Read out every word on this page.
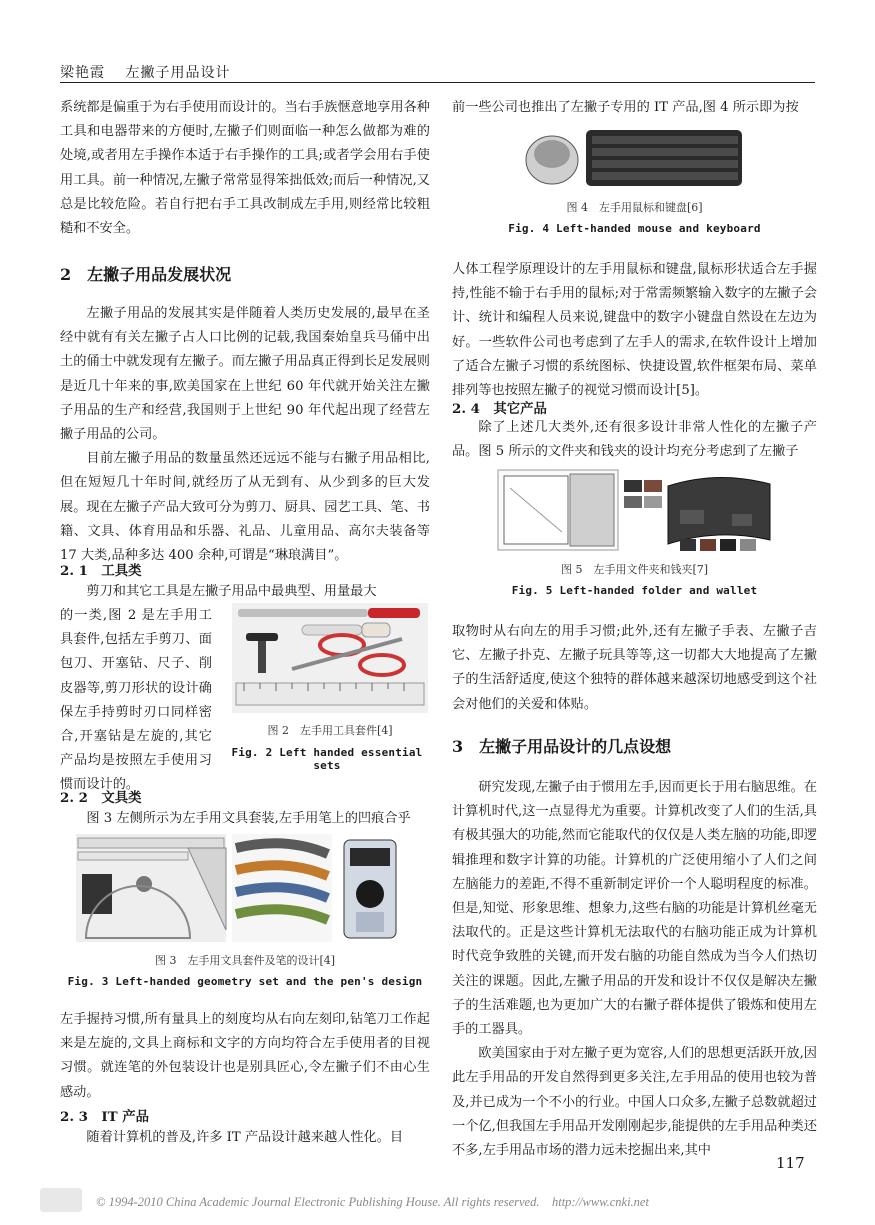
梁艳霞　 左撇子用品设计

系统都是偏重于为右手使用而设计的。当右手族惬意地享用各种工具和电器带来的方便时,左撇子们则面临一种怎么做都为难的处境,或者用左手操作本适于右手操作的工具;或者学会用右手使用工具。前一种情况,左撇子常常显得笨拙低效;而后一种情况,又总是比较危险。若自行把右手工具改制成左手用,则经常比较粗糙和不安全。

2　左撇子用品发展状况

左撇子用品的发展其实是伴随着人类历史发展的,最早在圣经中就有有关左撇子占人口比例的记载,我国秦始皇兵马俑中出土的俑士中就发现有左撇子。而左撇子用品真正得到长足发展则是近几十年来的事,欧美国家在上世纪 60 年代就开始关注左撇子用品的生产和经营,我国则于上世纪 90 年代起出现了经营左撇子用品的公司。

目前左撇子用品的数量虽然还远远不能与右撇子用品相比,但在短短几十年时间,就经历了从无到有、从少到多的巨大发展。现在左撇子产品大致可分为剪刀、厨具、园艺工具、笔、书籍、文具、体育用品和乐器、礼品、儿童用品、高尔夫装备等 17 大类,品种多达 400 余种,可谓是“琳琅满目”。

2. 1　工具类

剪刀和其它工具是左撇子用品中最典型、用量最大

的一类,图 2 是左手用工具套件,包括左手剪刀、面包刀、开塞钻、尺子、削皮器等,剪刀形状的设计确保左手持剪时刃口同样密合,开塞钻是左旋的,其它产品均是按照左手使用习惯而设计的。

图 2　左手用工具套件[4]
Fig. 2 Left handed essential sets
2. 2　文具类

图 3 左侧所示为左手用文具套装,左手用笔上的凹痕合乎

图 3　左手用文具套件及笔的设计[4]
Fig. 3 Left-handed geometry set and the pen's design

左手握持习惯,所有量具上的刻度均从右向左刻印,钻笔刀工作起来是左旋的,文具上商标和文字的方向均符合左手使用者的目视习惯。就连笔的外包装设计也是别具匠心,令左撇子们不由心生感动。

2. 3　IT 产品

随着计算机的普及,许多 IT 产品设计越来越人性化。目

前一些公司也推出了左撇子专用的 IT 产品,图 4 所示即为按

图 4　左手用鼠标和键盘[6]
Fig. 4 Left-handed mouse and keyboard

人体工程学原理设计的左手用鼠标和键盘,鼠标形状适合左手握持,性能不输于右手用的鼠标;对于常需频繁输入数字的左撇子会计、统计和编程人员来说,键盘中的数字小键盘自然设在左边为好。一些软件公司也考虑到了左手人的需求,在软件设计上增加了适合左撇子习惯的系统图标、快捷设置,软件框架布局、菜单排列等也按照左撇子的视觉习惯而设计[5]。

2. 4　其它产品

除了上述几大类外,还有很多设计非常人性化的左撇子产品。图 5 所示的文件夹和钱夹的设计均充分考虑到了左撇子

图 5　左手用文件夹和钱夹[7]
Fig. 5 Left-handed folder and wallet

取物时从右向左的用手习惯;此外,还有左撇子手表、左撇子吉它、左撇子扑克、左撇子玩具等等,这一切都大大地提高了左撇子的生活舒适度,使这个独特的群体越来越深切地感受到这个社会对他们的关爱和体贴。

3　左撇子用品设计的几点设想

研究发现,左撇子由于惯用左手,因而更长于用右脑思维。在计算机时代,这一点显得尤为重要。计算机改变了人们的生活,具有极其强大的功能,然而它能取代的仅仅是人类左脑的功能,即逻辑推理和数字计算的功能。计算机的广泛使用缩小了人们之间左脑能力的差距,不得不重新制定评价一个人聪明程度的标准。但是,知觉、形象思维、想象力,这些右脑的功能是计算机丝毫无法取代的。正是这些计算机无法取代的右脑功能正成为计算机时代竞争致胜的关键,而开发右脑的功能自然成为当今人们热切关注的课题。因此,左撇子用品的开发和设计不仅仅是解决左撇子的生活难题,也为更加广大的右撇子群体提供了锻炼和使用左手的工器具。

欧美国家由于对左撇子更为宽容,人们的思想更活跃开放,因此左手用品的开发自然得到更多关注,左手用品的使用也较为普及,并已成为一个不小的行业。中国人口众多,左撇子总数就超过一个亿,但我国左手用品开发刚刚起步,能提供的左手用品种类还不多,左手用品市场的潜力远未挖掘出来,其中

117
© 1994-2010 China Academic Journal Electronic Publishing House. All rights reserved.　http://www.cnki.net
